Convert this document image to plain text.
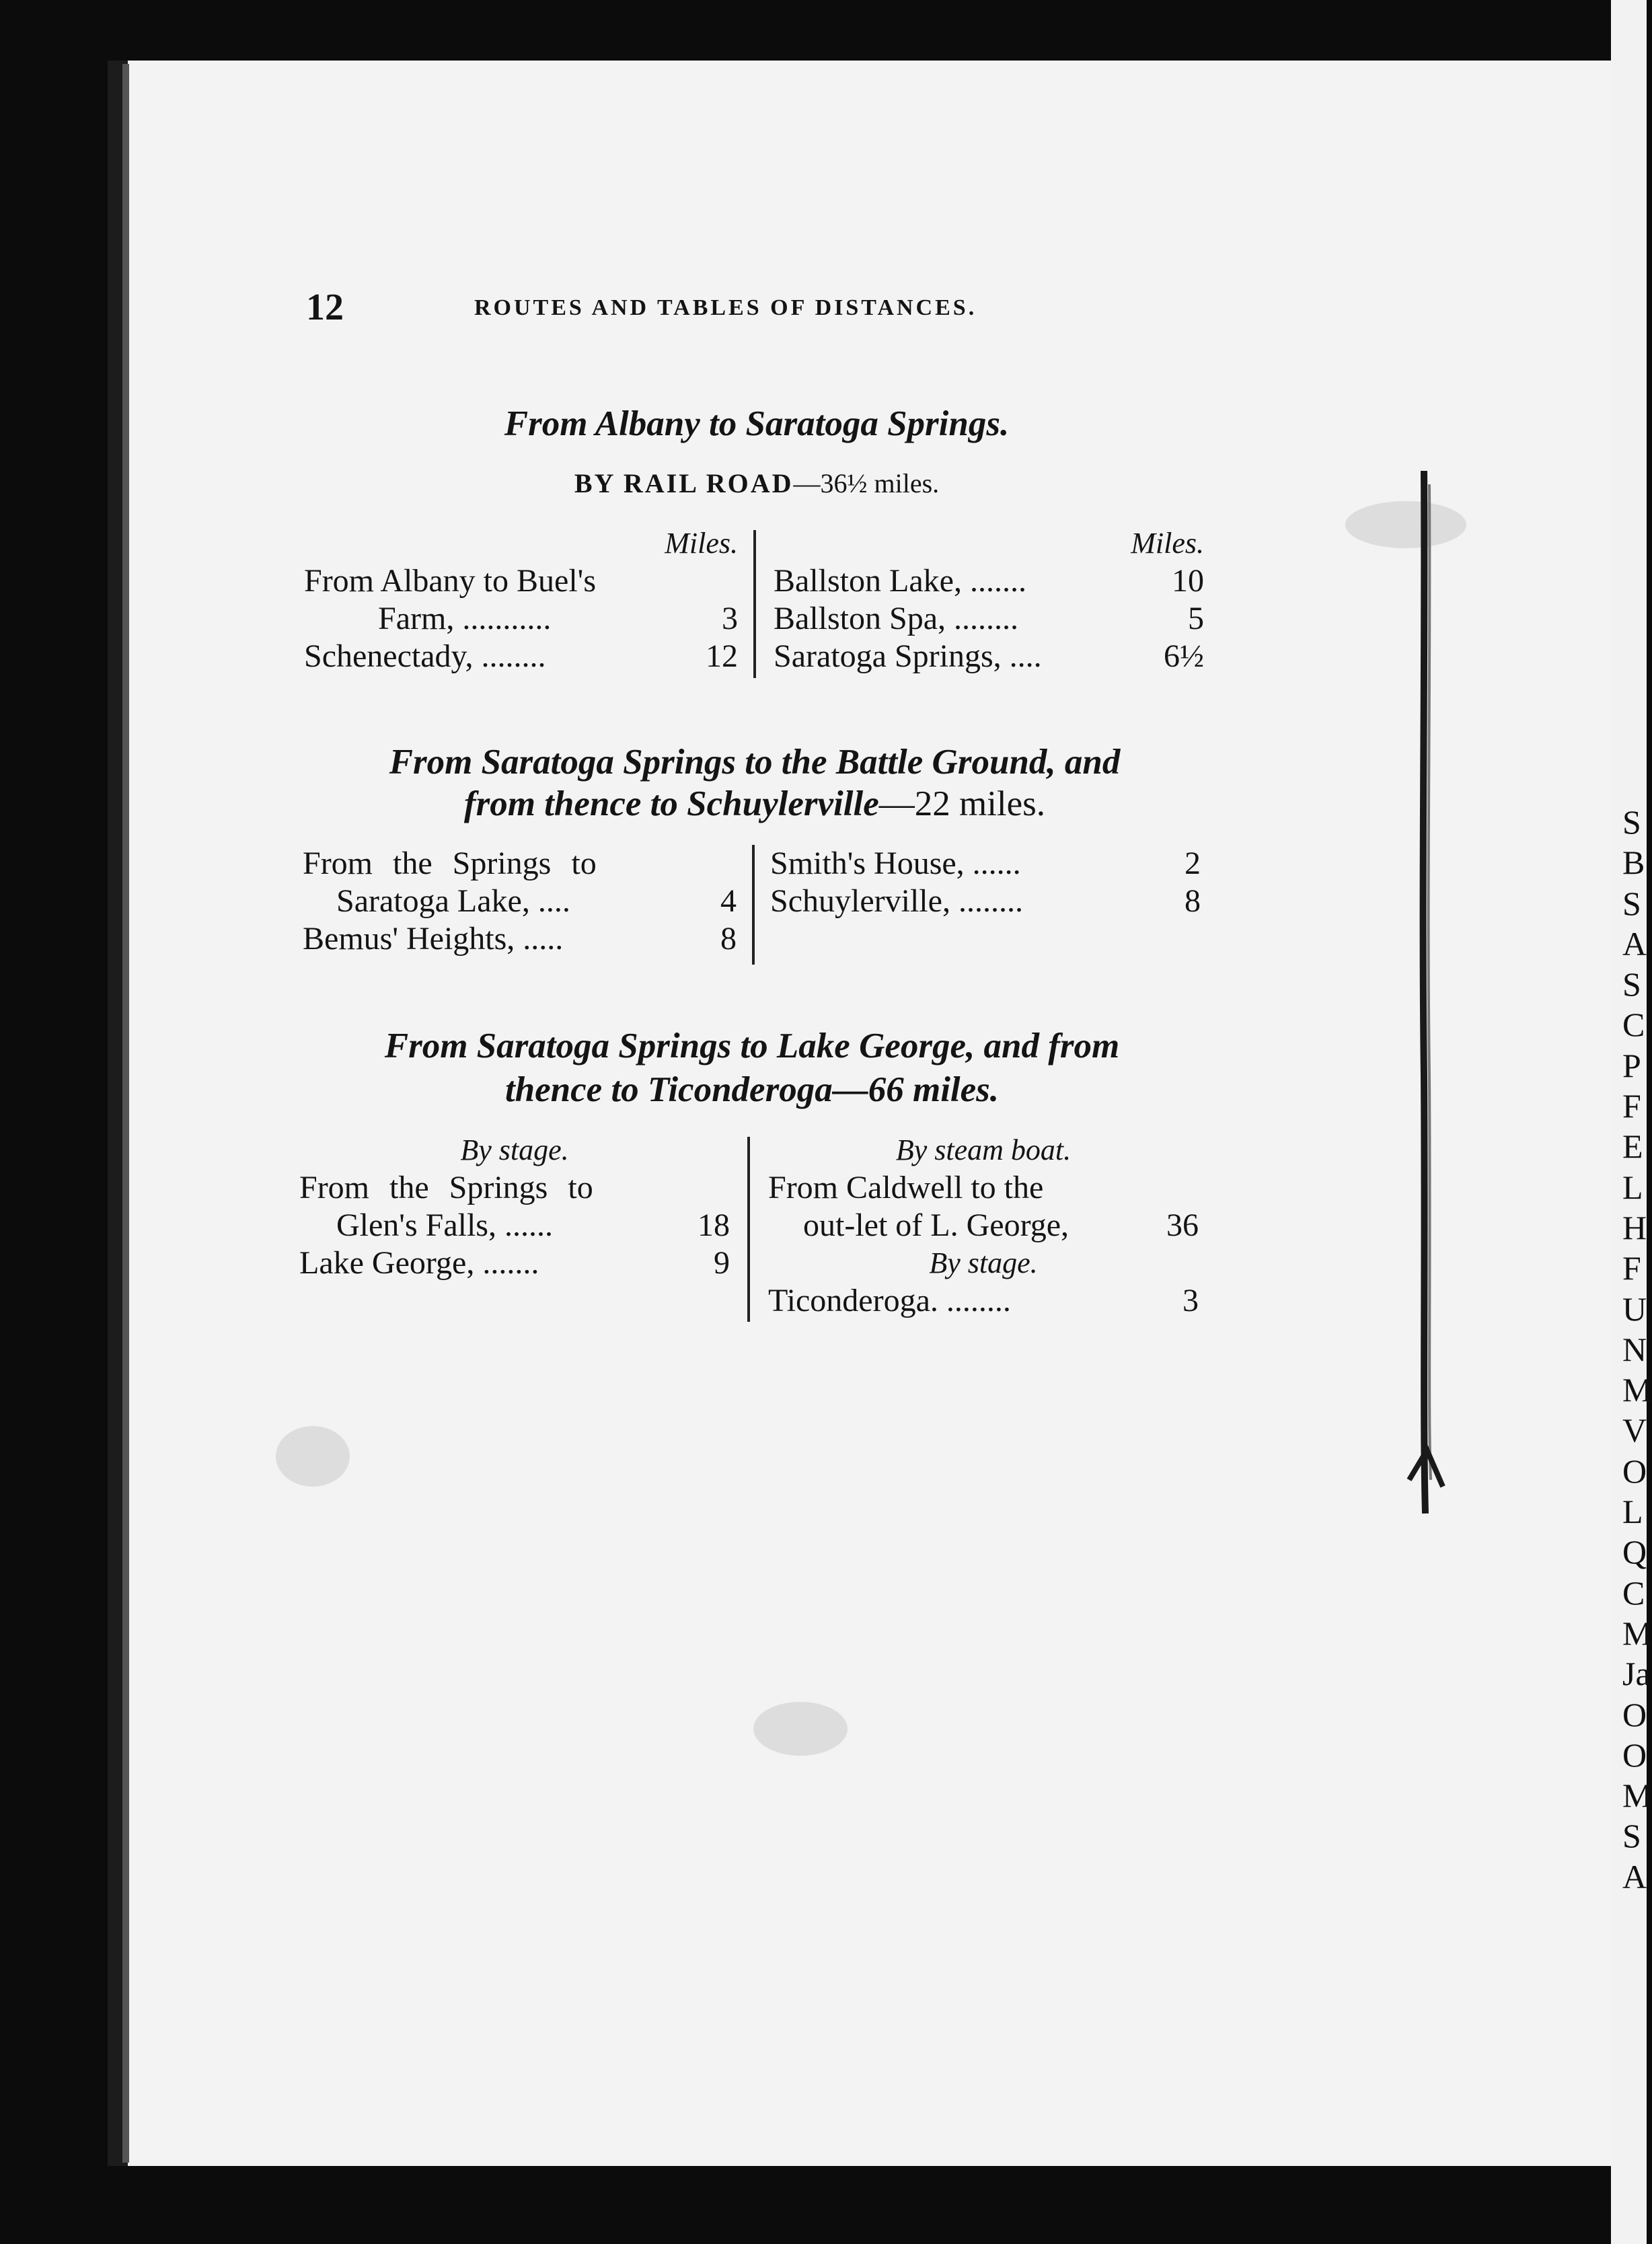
12	ROUTES AND TABLES OF DISTANCES.
From Albany to Saratoga Springs.
BY RAIL ROAD—36½ miles.
Miles.
From Albany to Buel's
Farm, ...........	3
Schenectady, ........	12
Miles.
Ballston Lake, .......	10
Ballston Spa, ........	5
Saratoga Springs, ....	6½
From Saratoga Springs to the Battle Ground, and
from thence to Schuylerville—22 miles.
From the Springs to
Saratoga Lake, ....	4
Bemus' Heights, .....	8
Smith's House, ......	2
Schuylerville, ........	8
From Saratoga Springs to Lake George, and from
thence to Ticonderoga—66 miles.
By stage.
From the Springs to
Glen's Falls, ......	18
Lake George, .......	9
By steam boat.
From Caldwell to the
out-let of L. George,	36
By stage.
Ticonderoga. ........	3
S
B
S
A
S
C
P
F
E
L
H
F
U
N
M
V
O
L
Q
C
M
Ja
O
O
M
S
A
